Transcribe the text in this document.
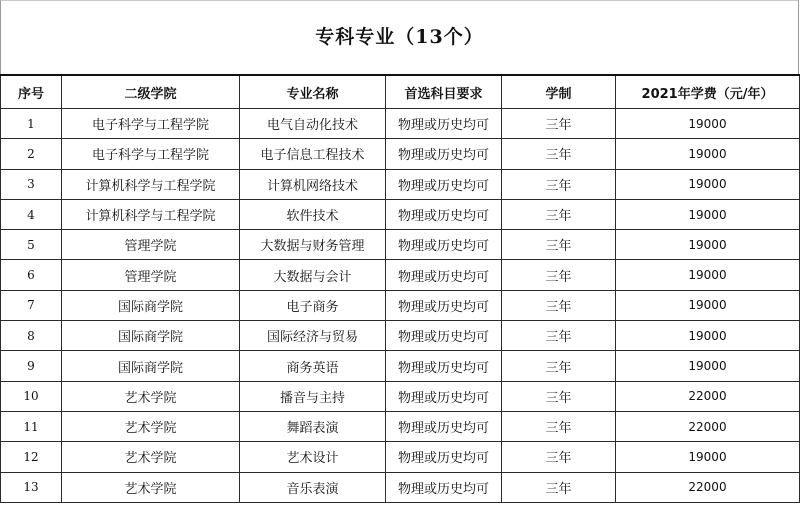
专科专业（13个）
序号	二级学院	专业名称	首选科目要求	学制	2021年学费（元/年）
1	电子科学与工程学院	电气自动化技术	物理或历史均可	三年	19000
2	电子科学与工程学院	电子信息工程技术	物理或历史均可	三年	19000
3	计算机科学与工程学院	计算机网络技术	物理或历史均可	三年	19000
4	计算机科学与工程学院	软件技术	物理或历史均可	三年	19000
5	管理学院	大数据与财务管理	物理或历史均可	三年	19000
6	管理学院	大数据与会计	物理或历史均可	三年	19000
7	国际商学院	电子商务	物理或历史均可	三年	19000
8	国际商学院	国际经济与贸易	物理或历史均可	三年	19000
9	国际商学院	商务英语	物理或历史均可	三年	19000
10	艺术学院	播音与主持	物理或历史均可	三年	22000
11	艺术学院	舞蹈表演	物理或历史均可	三年	22000
12	艺术学院	艺术设计	物理或历史均可	三年	19000
13	艺术学院	音乐表演	物理或历史均可	三年	22000
